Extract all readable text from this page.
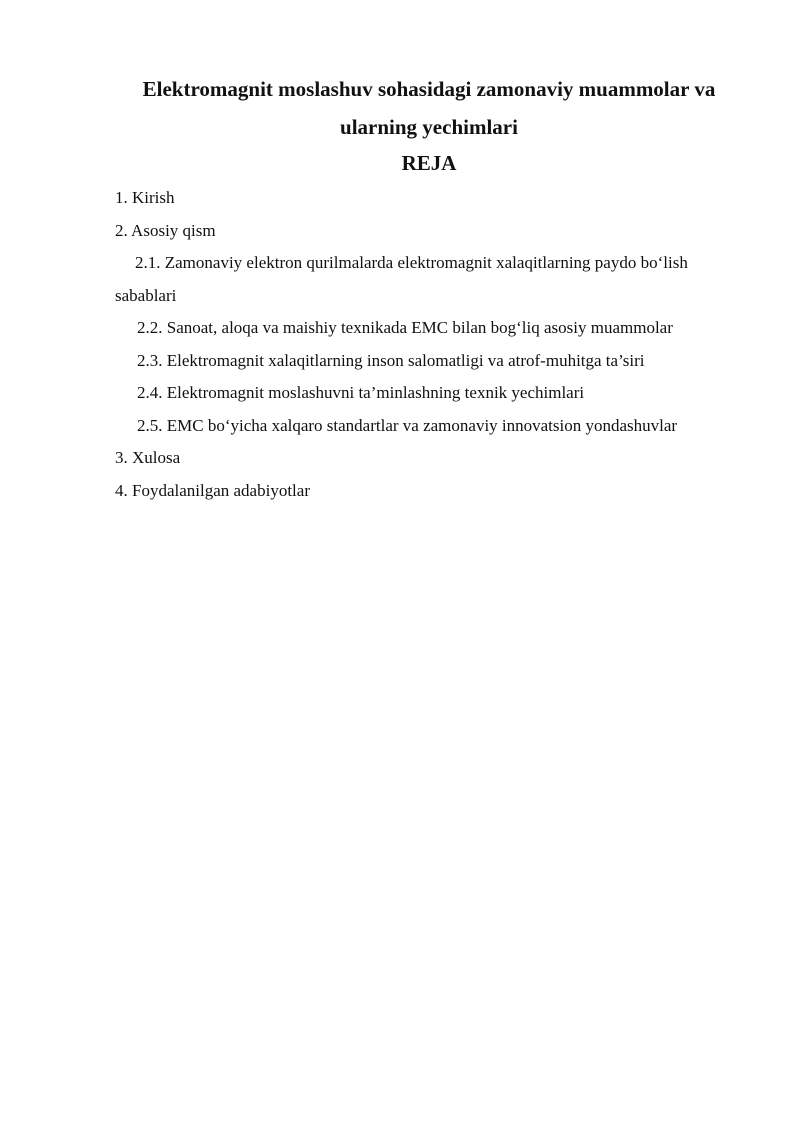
Elektromagnit moslashuv sohasidagi zamonaviy muammolar va
ularning yechimlari
REJA
1. Kirish
2. Asosiy qism
2.1. Zamonaviy elektron qurilmalarda elektromagnit xalaqitlarning paydo bo‘lish
sabablari
2.2. Sanoat, aloqa va maishiy texnikada EMC bilan bog‘liq asosiy muammolar
2.3. Elektromagnit xalaqitlarning inson salomatligi va atrof-muhitga ta’siri
2.4. Elektromagnit moslashuvni ta’minlashning texnik yechimlari
2.5. EMC bo‘yicha xalqaro standartlar va zamonaviy innovatsion yondashuvlar
3. Xulosa
4. Foydalanilgan adabiyotlar
